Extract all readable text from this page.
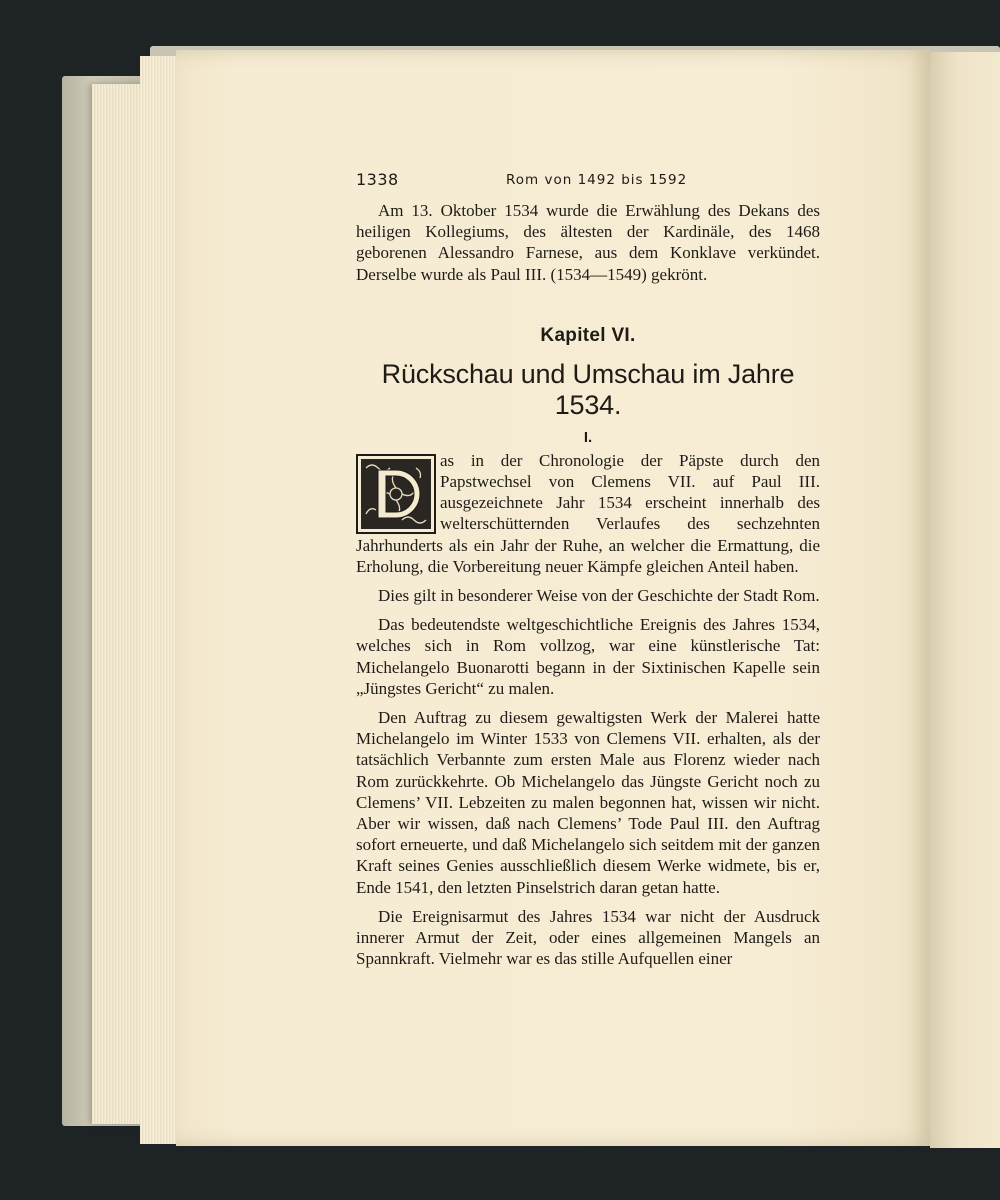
1338	Rom von 1492 bis 1592

Am 13. Oktober 1534 wurde die Erwählung des Dekans des heiligen Kollegiums, des ältesten der Kardinäle, des 1468 geborenen Alessandro Farnese, aus dem Konklave verkündet. Derselbe wurde als Paul III. (1534—1549) gekrönt.

Kapitel VI.
Rückschau und Umschau im Jahre 1534.
I.

as in der Chronologie der Päpste durch den Papstwechsel von Clemens VII. auf Paul III. ausgezeichnete Jahr 1534 erscheint innerhalb des welterschütternden Verlaufes des sechzehnten Jahrhunderts als ein Jahr der Ruhe, an welcher die Ermattung, die Erholung, die Vorbereitung neuer Kämpfe gleichen Anteil haben.

Dies gilt in besonderer Weise von der Geschichte der Stadt Rom.

Das bedeutendste weltgeschichtliche Ereignis des Jahres 1534, welches sich in Rom vollzog, war eine künstlerische Tat: Michelangelo Buonarotti begann in der Sixtinischen Kapelle sein „Jüngstes Gericht“ zu malen.

Den Auftrag zu diesem gewaltigsten Werk der Malerei hatte Michelangelo im Winter 1533 von Clemens VII. erhalten, als der tatsächlich Verbannte zum ersten Male aus Florenz wieder nach Rom zurückkehrte. Ob Michelangelo das Jüngste Gericht noch zu Clemens’ VII. Lebzeiten zu malen begonnen hat, wissen wir nicht. Aber wir wissen, daß nach Clemens’ Tode Paul III. den Auftrag sofort erneuerte, und daß Michelangelo sich seitdem mit der ganzen Kraft seines Genies ausschließlich diesem Werke widmete, bis er, Ende 1541, den letzten Pinselstrich daran getan hatte.

Die Ereignisarmut des Jahres 1534 war nicht der Ausdruck innerer Armut der Zeit, oder eines allgemeinen Mangels an Spannkraft. Vielmehr war es das stille Aufquellen einer
